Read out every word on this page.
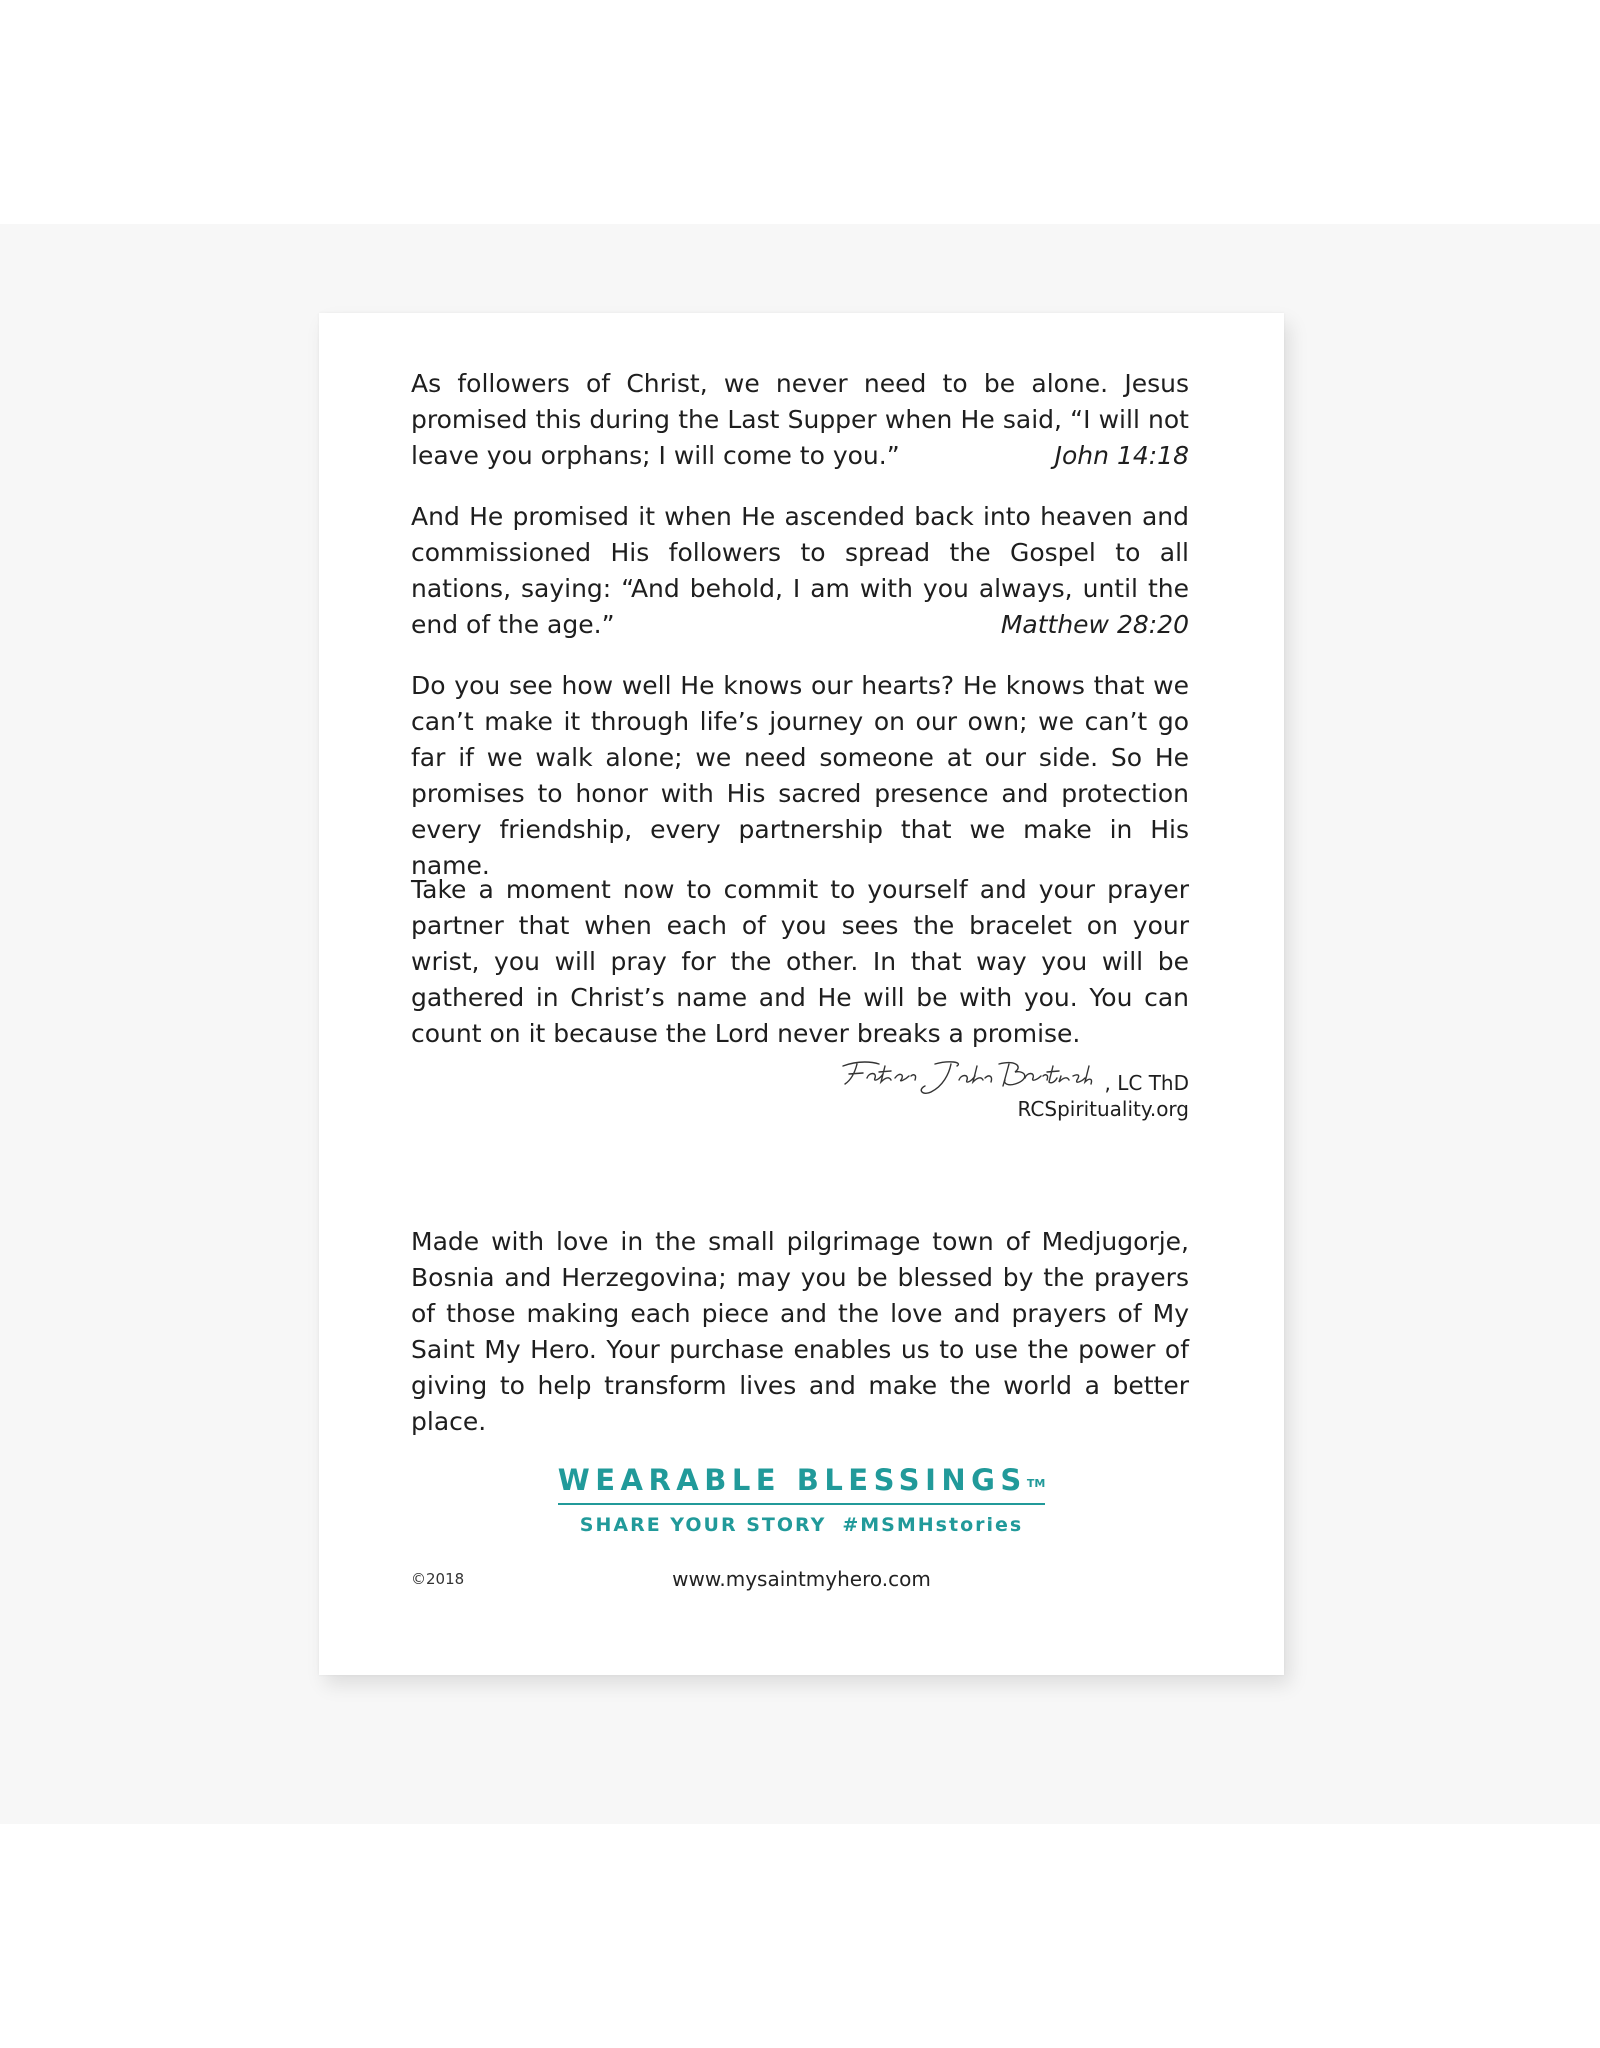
As followers of Christ, we never need to be alone. Jesus promised this during the Last Supper when He said, “I will not leave you orphans; I will come to you.”	John 14:18

And He promised it when He ascended back into heaven and commissioned His followers to spread the Gospel to all nations, saying: “And behold, I am with you always, until the end of the age.”	Matthew 28:20

Do you see how well He knows our hearts? He knows that we can’t make it through life’s journey on our own; we can’t go far if we walk alone; we need someone at our side. So He promises to honor with His sacred presence and protection every friendship, every partnership that we make in His name.

Take a moment now to commit to yourself and your prayer partner that when each of you sees the bracelet on your wrist, you will pray for the other. In that way you will be gathered in Christ’s name and He will be with you. You can count on it because the Lord never breaks a promise.

, LC ThD
RCSpirituality.org

Made with love in the small pilgrimage town of Medjugorje, Bosnia and Herzegovina; may you be blessed by the prayers of those making each piece and the love and prayers of My Saint My Hero. Your purchase enables us to use the power of giving to help transform lives and make the world a better place.

WEARABLE BLESSINGS™
SHARE YOUR STORY #MSMHstories
©2018	www.mysaintmyhero.com
